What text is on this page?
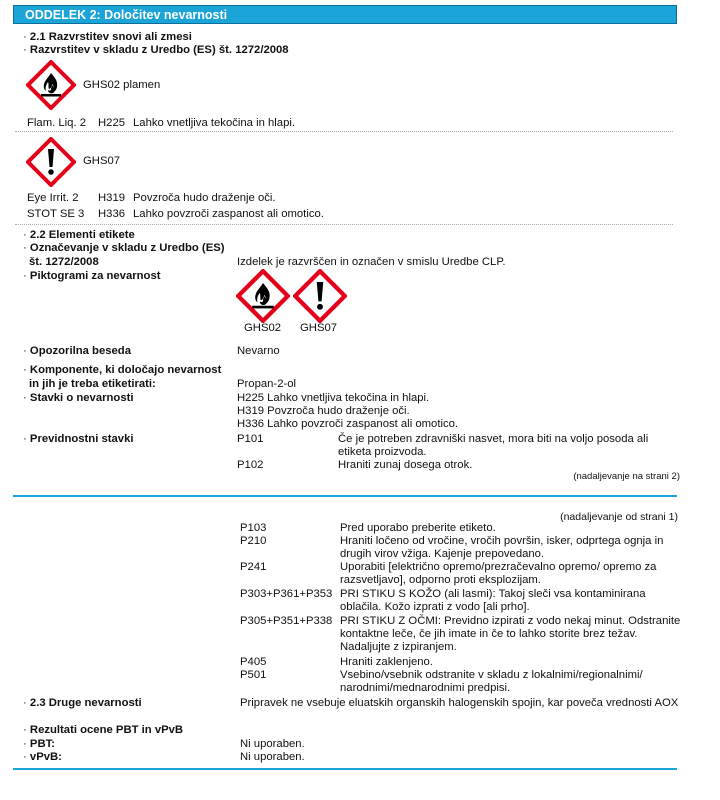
ODDELEK 2: Določitev nevarnosti
· 2.1 Razvrstitev snovi ali zmesi
· Razvrstitev v skladu z Uredbo (ES) št. 1272/2008
GHS02 plamen
Flam. Liq. 2 H225 Lahko vnetljiva tekočina in hlapi.
GHS07
Eye Irrit. 2 H319 Povzroča hudo draženje oči.
STOT SE 3 H336 Lahko povzroči zaspanost ali omotico.
· 2.2 Elementi etikete
· Označevanje v skladu z Uredbo (ES)
št. 1272/2008	Izdelek je razvrščen in označen v smislu Uredbe CLP.
· Piktogrami za nevarnost
GHS02 GHS07
· Opozorilna beseda	Nevarno
· Komponente, ki določajo nevarnost
in jih je treba etiketirati:	Propan-2-ol
· Stavki o nevarnosti	H225 Lahko vnetljiva tekočina in hlapi.
H319 Povzroča hudo draženje oči.
H336 Lahko povzroči zaspanost ali omotico.
· Previdnostni stavki	P101	Če je potreben zdravniški nasvet, mora biti na voljo posoda ali etiketa proizvoda.
P102	Hraniti zunaj dosega otrok.
(nadaljevanje na strani 2)
(nadaljevanje od strani 1)
P103	Pred uporabo preberite etiketo.
P210	Hraniti ločeno od vročine, vročih površin, isker, odprtega ognja in drugih virov vžiga. Kajenje prepovedano.
P241	Uporabiti [električno opremo/prezračevalno opremo/ opremo za razsvetljavo], odporno proti eksplozijam.
P303+P361+P353 PRI STIKU S KOŽO (ali lasmi): Takoj sleči vsa kontaminirana oblačila. Kožo izprati z vodo [ali prho].
P305+P351+P338 PRI STIKU Z OČMI: Previdno izpirati z vodo nekaj minut. Odstranite kontaktne leče, če jih imate in če to lahko storite brez težav. Nadaljujte z izpiranjem.
P405	Hraniti zaklenjeno.
P501	Vsebino/vsebnik odstranite v skladu z lokalnimi/regionalnimi/ narodnimi/mednarodnimi predpisi.
· 2.3 Druge nevarnosti	Pripravek ne vsebuje eluatskih organskih halogenskih spojin, kar poveča vrednosti AOX
· Rezultati ocene PBT in vPvB
· PBT:	Ni uporaben.
· vPvB:	Ni uporaben.
